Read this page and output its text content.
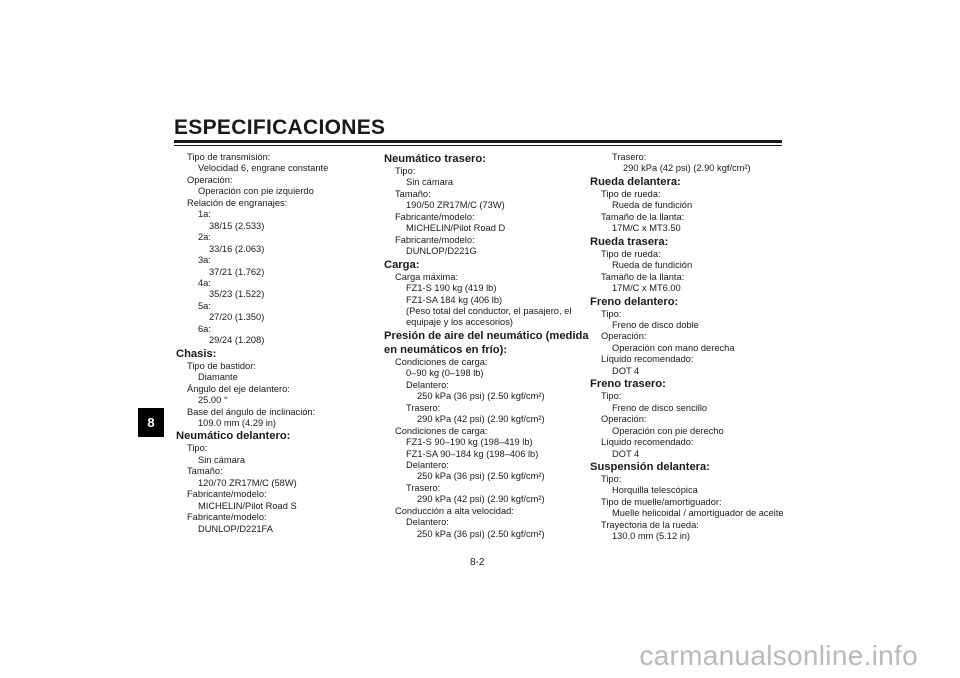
ESPECIFICACIONES
8
Tipo de transmisión:
Velocidad 6, engrane constante
Operación:
Operación con pie izquierdo
Relación de engranajes:
1a:
38/15 (2.533)
2a:
33/16 (2.063)
3a:
37/21 (1.762)
4a:
35/23 (1.522)
5a:
27/20 (1.350)
6a:
29/24 (1.208)
Chasis:
Tipo de bastidor:
Diamante
Ángulo del eje delantero:
25.00 °
Base del ángulo de inclinación:
109.0 mm (4.29 in)
Neumático delantero:
Tipo:
Sin cámara
Tamaño:
120/70 ZR17M/C (58W)
Fabricante/modelo:
MICHELIN/Pilot Road S
Fabricante/modelo:
DUNLOP/D221FA
Neumático trasero:
Tipo:
Sin cámara
Tamaño:
190/50 ZR17M/C (73W)
Fabricante/modelo:
MICHELIN/Pilot Road D
Fabricante/modelo:
DUNLOP/D221G
Carga:
Carga máxima:
FZ1-S 190 kg (419 lb)
FZ1-SA 184 kg (406 lb)
(Peso total del conductor, el pasajero, el
equipaje y los accesorios)
Presión de aire del neumático (medida
en neumáticos en frío):
Condiciones de carga:
0–90 kg (0–198 lb)
Delantero:
250 kPa (36 psi) (2.50 kgf/cm²)
Trasero:
290 kPa (42 psi) (2.90 kgf/cm²)
Condiciones de carga:
FZ1-S 90–190 kg (198–419 lb)
FZ1-SA 90–184 kg (198–406 lb)
Delantero:
250 kPa (36 psi) (2.50 kgf/cm²)
Trasero:
290 kPa (42 psi) (2.90 kgf/cm²)
Conducción a alta velocidad:
Delantero:
250 kPa (36 psi) (2.50 kgf/cm²)
Trasero:
290 kPa (42 psi) (2.90 kgf/cm²)
Rueda delantera:
Tipo de rueda:
Rueda de fundición
Tamaño de la llanta:
17M/C x MT3.50
Rueda trasera:
Tipo de rueda:
Rueda de fundición
Tamaño de la llanta:
17M/C x MT6.00
Freno delantero:
Tipo:
Freno de disco doble
Operación:
Operación con mano derecha
Líquido recomendado:
DOT 4
Freno trasero:
Tipo:
Freno de disco sencillo
Operación:
Operación con pie derecho
Líquido recomendado:
DOT 4
Suspensión delantera:
Tipo:
Horquilla telescópica
Tipo de muelle/amortiguador:
Muelle helicoidal / amortiguador de aceite
Trayectoria de la rueda:
130.0 mm (5.12 in)
8-2
carmanualsonline.info
